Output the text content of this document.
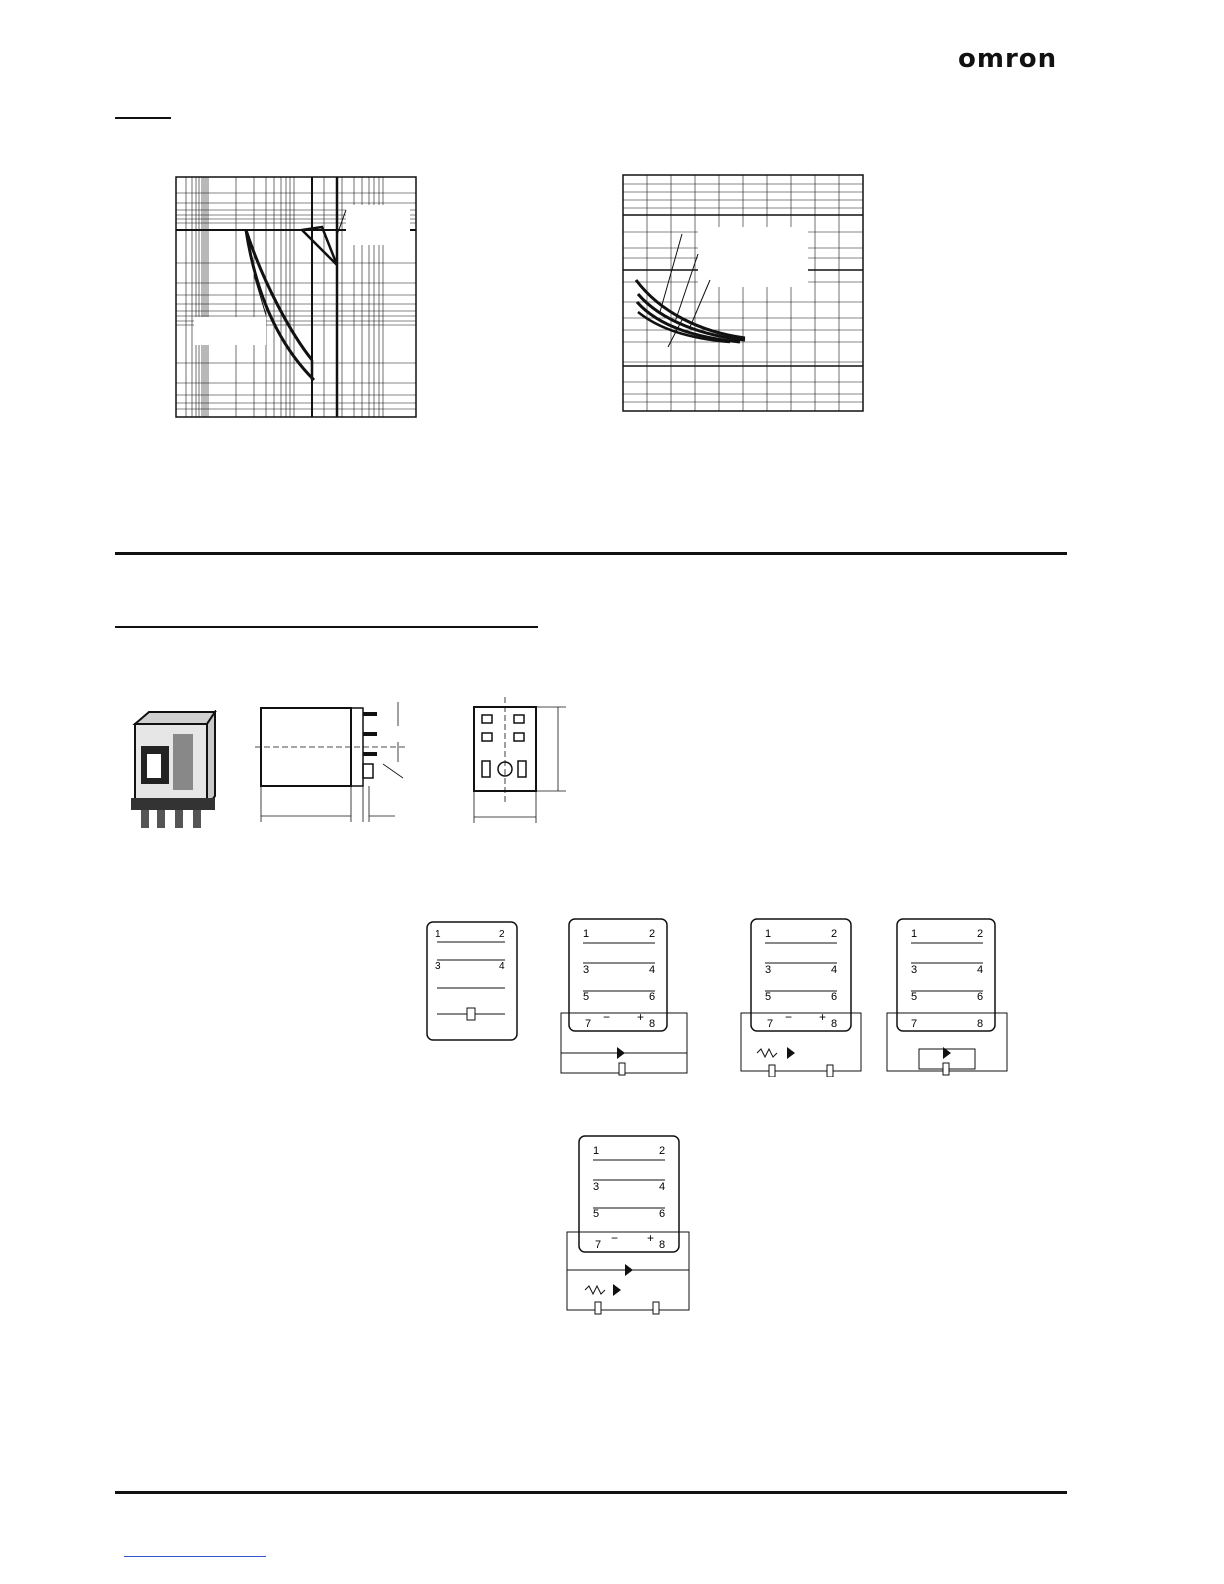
omron
1	2
3	4
1	2
3	4
5	6
7	8
− +
1	2
3	4
5	6
7	8
− +
1	2
3	4
5	6
7	8
1	2
3	4
5	6
7	8
− +
